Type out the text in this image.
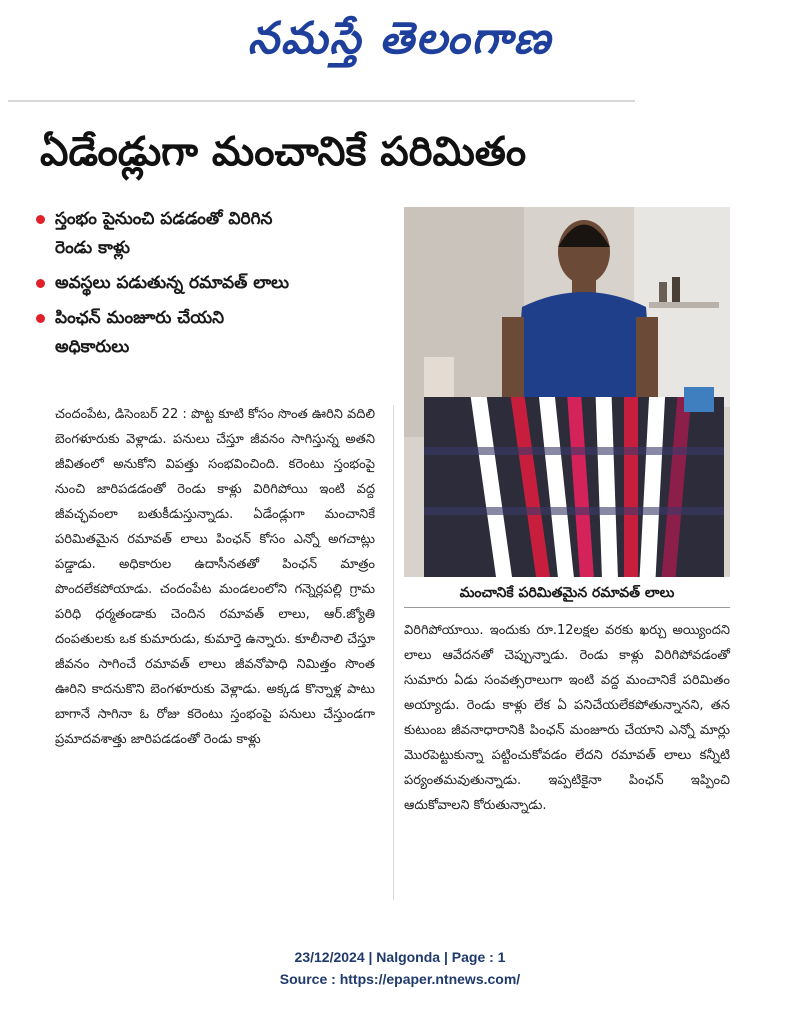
నమస్తే తెలంగాణ
ఏడేండ్లుగా మంచానికే పరిమితం
స్తంభం పైనుంచి పడడంతో విరిగిన రెండు కాళ్లు
అవస్థలు పడుతున్న రమావత్ లాలు
పింఛన్ మంజూరు చేయని అధికారులు
మంచానికే పరిమితమైన రమావత్ లాలు
చందంపేట, డిసెంబర్ 22 : పొట్ట కూటి కోసం సొంత ఊరిని వదిలి బెంగళూరుకు వెళ్లాడు. పనులు చేస్తూ జీవనం సాగిస్తున్న అతని జీవితంలో అనుకోని విపత్తు సంభవించింది. కరెంటు స్తంభంపై నుంచి జారిపడడంతో రెండు కాళ్లు విరిగిపోయి ఇంటి వద్ద జీవచ్ఛవంలా బతుకీడుస్తున్నాడు. ఏడేండ్లుగా మంచానికే పరిమితమైన రమావత్ లాలు పింఛన్ కోసం ఎన్నో అగచాట్లు పడ్డాడు. అధికారుల ఉదాసీనతతో పింఛన్ మాత్రం పొందలేకపోయాడు. చందంపేట మండలంలోని గన్నెర్లపల్లి గ్రామ పరిధి ధర్మతండాకు చెందిన రమావత్ లాలు, ఆర్.జ్యోతి దంపతులకు ఒక కుమారుడు, కుమార్తె ఉన్నారు. కూలీనాలి చేస్తూ జీవనం సాగించే రమావత్ లాలు జీవనోపాధి నిమిత్తం సొంత ఊరిని కాదనుకొని బెంగళూరుకు వెళ్లాడు. అక్కడ కొన్నాళ్ల పాటు బాగానే సాగినా ఓ రోజు కరెంటు స్తంభంపై పనులు చేస్తుండగా ప్రమాదవశాత్తు జారిపడడంతో రెండు కాళ్లు
విరిగిపోయాయి. ఇందుకు రూ.12లక్షల వరకు ఖర్చు అయ్యిందని లాలు ఆవేదనతో చెప్పున్నాడు. రెండు కాళ్లు విరిగిపోవడంతో సుమారు ఏడు సంవత్సరాలుగా ఇంటి వద్ద మంచానికే పరిమితం అయ్యాడు. రెండు కాళ్లు లేక ఏ పనిచేయలేకపోతున్నానని, తన కుటుంబ జీవనాధారానికి పింఛన్ మంజూరు చేయాని ఎన్నో మార్లు మొరపెట్టుకున్నా పట్టించుకోవడం లేదని రమావత్ లాలు కన్నీటి పర్యంతమవుతున్నాడు. ఇప్పటికైనా పింఛన్ ఇప్పించి ఆదుకోవాలని కోరుతున్నాడు.
23/12/2024 | Nalgonda | Page : 1
Source : https://epaper.ntnews.com/
